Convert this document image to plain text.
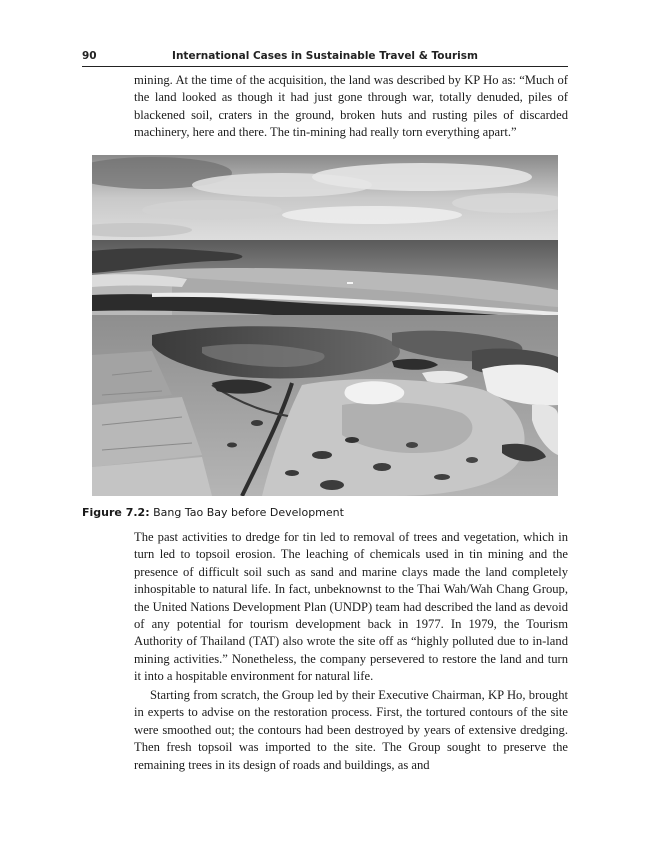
90	International Cases in Sustainable Travel & Tourism

mining. At the time of the acquisition, the land was described by KP Ho as: “Much of the land looked as though it had just gone through war, totally denuded, piles of blackened soil, craters in the ground, broken huts and rusting piles of discarded machinery, here and there. The tin-mining had really torn everything apart.”

Figure 7.2: Bang Tao Bay before Development

The past activities to dredge for tin led to removal of trees and vegetation, which in turn led to topsoil erosion. The leaching of chemicals used in tin mining and the presence of difficult soil such as sand and marine clays made the land completely inhospitable to natural life. In fact, unbeknownst to the Thai Wah/Wah Chang Group, the United Nations Development Plan (UNDP) team had described the land as devoid of any potential for tourism development back in 1977. In 1979, the Tourism Authority of Thailand (TAT) also wrote the site off as “highly polluted due to in-land mining activities.” Nonetheless, the company persevered to restore the land and turn it into a hospitable environment for natural life.

Starting from scratch, the Group led by their Executive Chairman, KP Ho, brought in experts to advise on the restoration process. First, the tortured contours of the site were smoothed out; the contours had been destroyed by years of extensive dredging. Then fresh topsoil was imported to the site. The Group sought to preserve the remaining trees in its design of roads and buildings, as and
